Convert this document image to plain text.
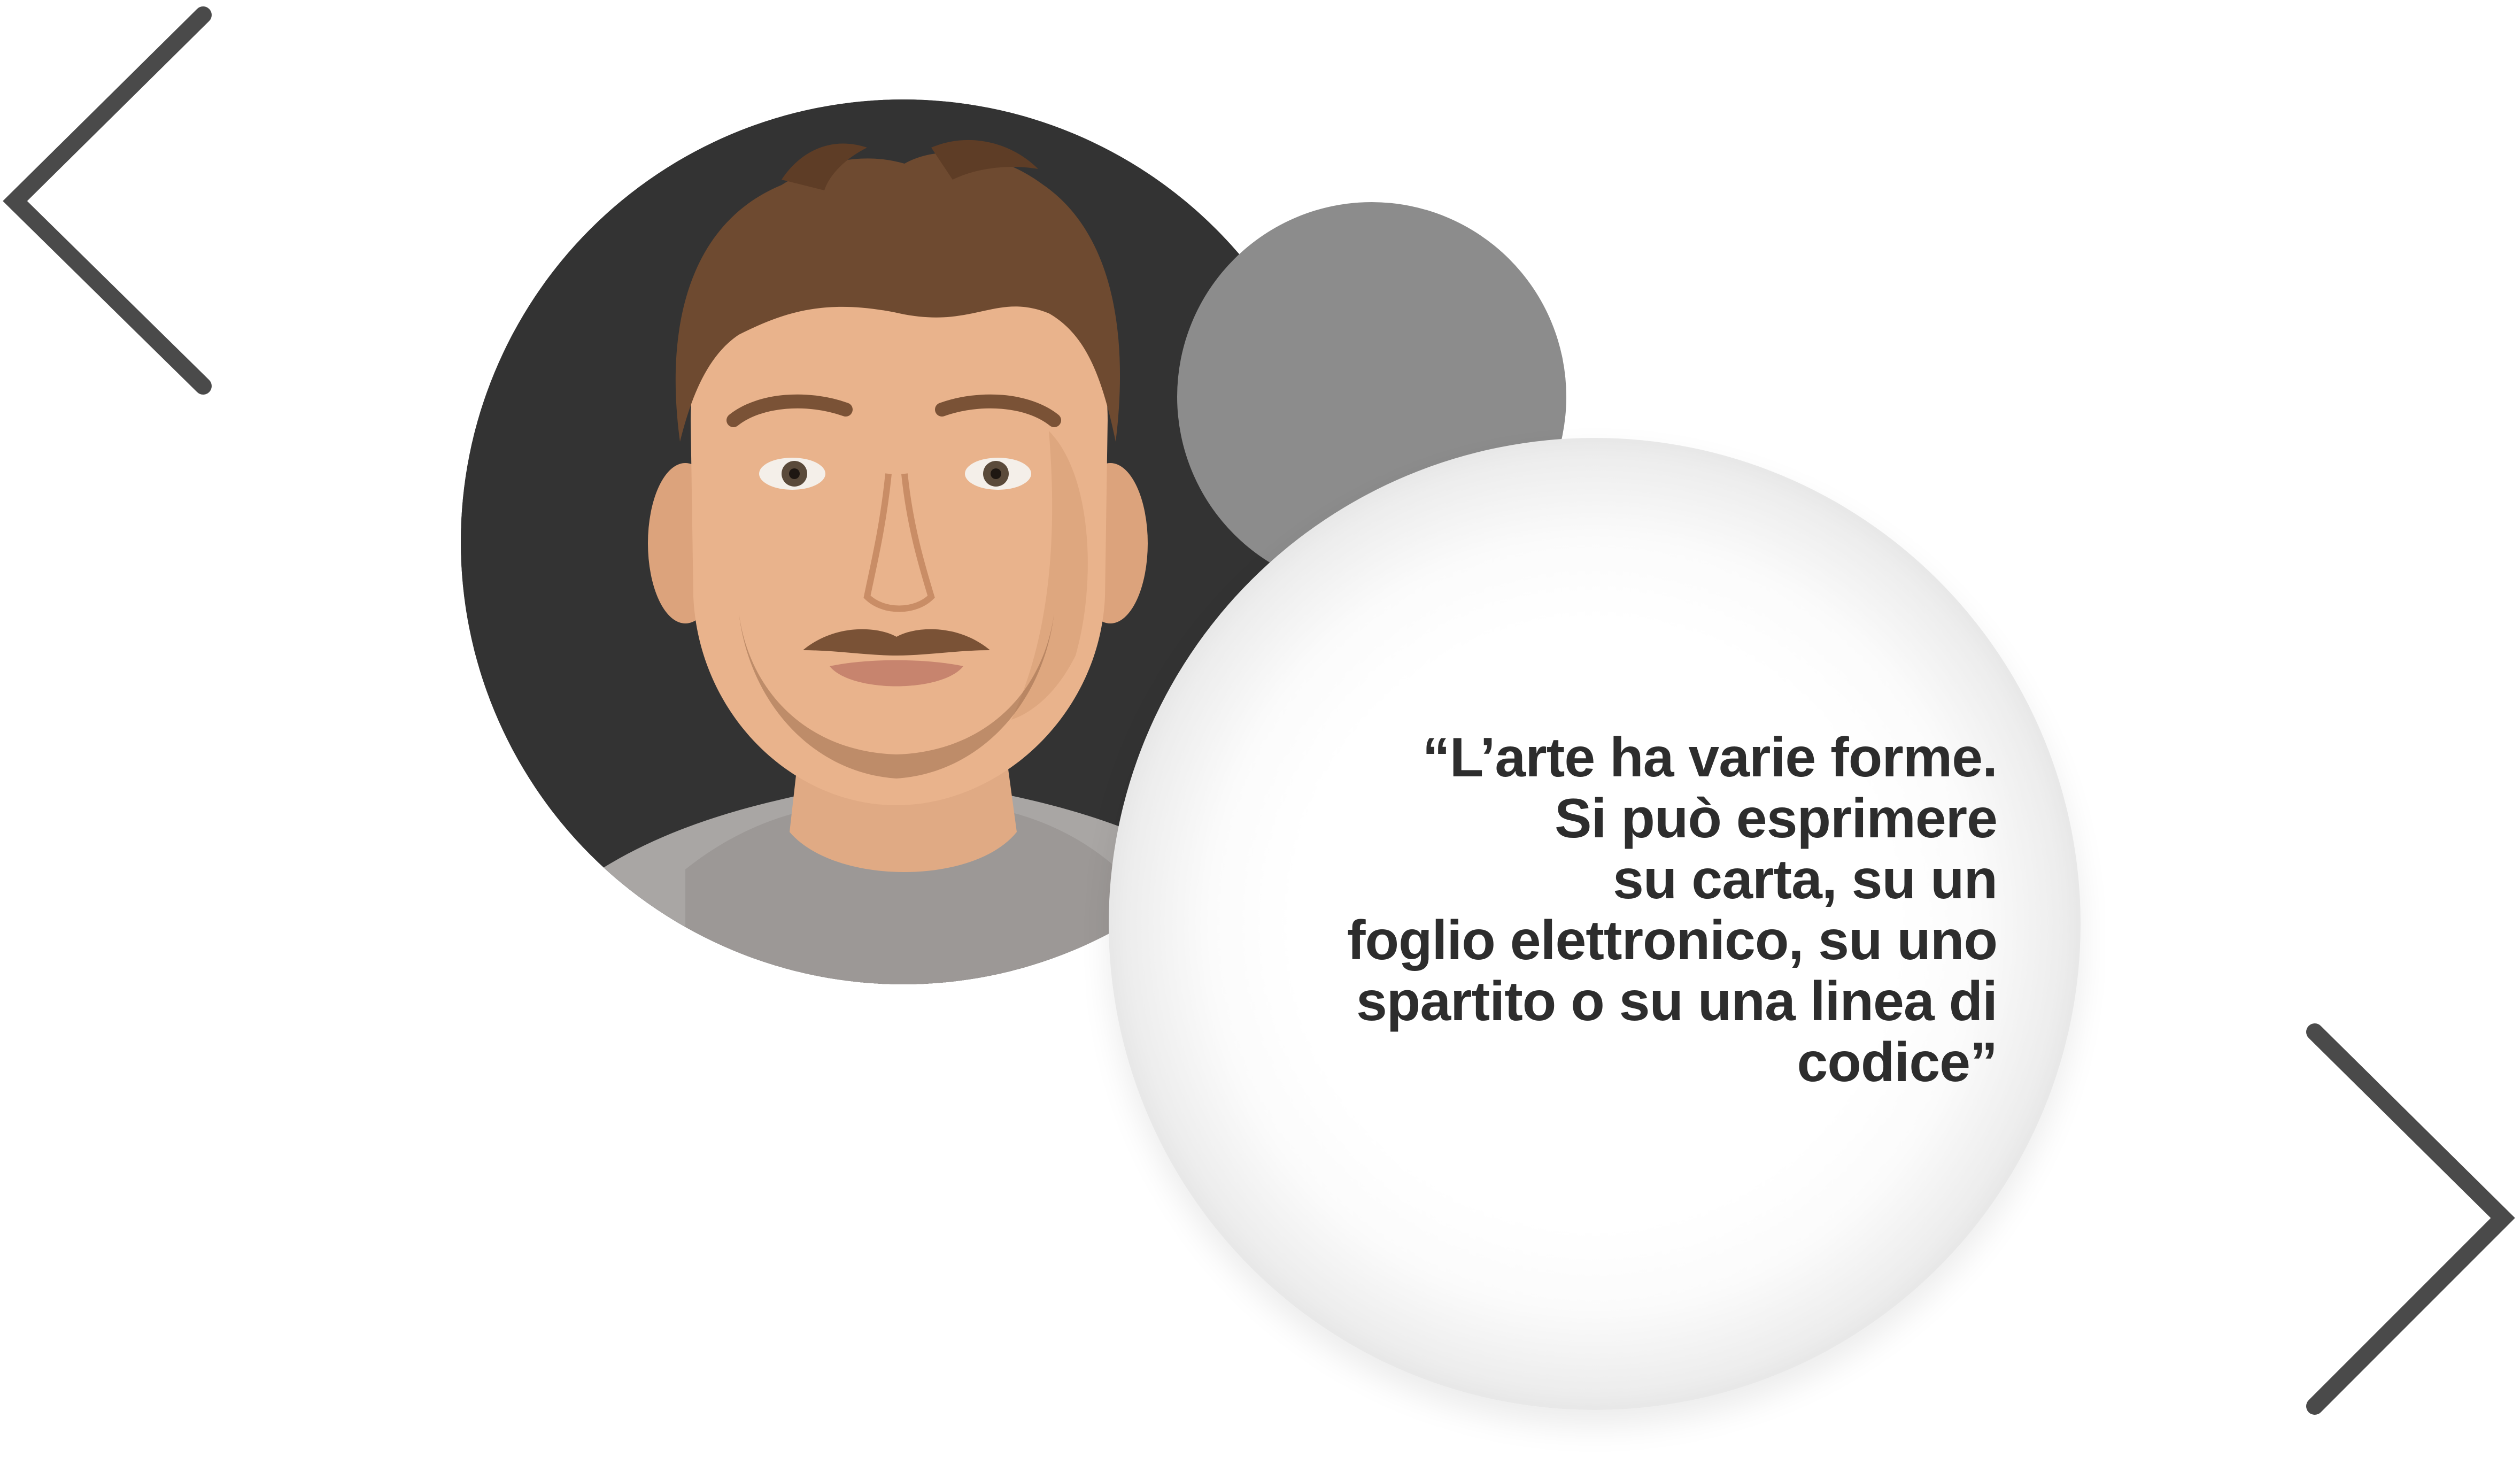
“L’arte ha varie forme.
Si può esprimere
su carta, su un
foglio elettronico, su uno
spartito o su una linea di
codice”
